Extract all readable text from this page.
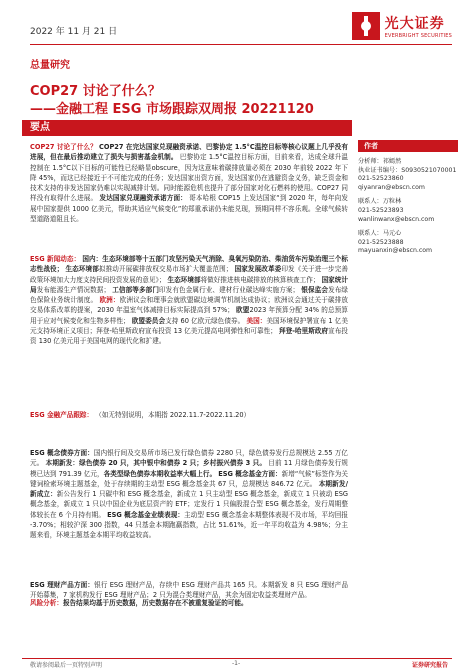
2022 年 11 月 21 日	光大证券
EVERBRIGHT SECURITIES
总量研究
COP27 讨论了什么？
——金融工程 ESG 市场跟踪双周报 20221120
要点
COP27 讨论了什么？ COP27 在完达国家兑现融资承诺、巴黎协定 1.5°C温控目标等核心议题上几乎没有进展，但在最后推动建立了损失与损害基金机制。 巴黎协定 1.5°C温控目标方面，目前来看，达成全球升温控制在 1.5°C以下目标的可能性已经略显obscure，因为这意味着碳排放量必须在 2030 年前较 2022 年下降 45%，而这已经接近于不可能完成的任务；发达国家出资方面，发达国家仍在逃避资金义务，缺乏资金和技术支持的非发达国家仍难以实现减排计划。同时能源危机也提升了部分国家对化石燃料的使用。COP27 同样没有取得什么进展。 发达国家兑现融资承诺方面： 哥本哈根 COP15 上发达国家“到 2020 年，每年向发展中国家提供 1000 亿美元，帮助其适应气候变化”的郑重承诺仍未能兑现，预期同样不容乐观。全球气候转型道路道阻且长。
ESG 新闻动态： 国内：生态环境部等十五部门攻坚污染天气消除、臭氧污染防治、柴油货车污染治理三个标志性战役； 生态环境部拟推动开展碳排放权交易市场扩大覆盖范围； 国家发展改革委印发《关于进一步完善政策环境加大力度支持民间投资发展的意见》； 生态环境部将做好推进核电碳排放的核算核查工作； 国家统计局发布能源生产情况数据； 工信部等多部门印发有色金属行业、建材行业碳达峰实施方案； 银保监会发布绿色保险业务统计制度。 欧洲：欧洲议会和理事会就欧盟碳边境调节机制达成协议；欧洲议会通过关于碳排放交易体系改革的提案，2030 年温室气体减排目标实际提高到 57%； 欧盟2023 年预算分配 34% 的总预算用于应对气候变化和生物多样性； 欧盟委员会支持 60 亿欧元绿色债券。 美国：美国环境保护署宣布 1 亿美元支持环境正义项目；拜登-哈里斯政府宣布投资 13 亿美元提高电网弹性和可靠性； 拜登-哈里斯政府宣布投资 130 亿美元用于美国电网的现代化和扩建。
ESG 金融产品跟踪： （如无特别说明，本期指 2022.11.7-2022.11.20）
ESG 概念债券方面：国内银行间及交易所市场已发行绿色债券 2280 只，绿色债券发行总规模达 2.55 万亿元。 本期新发：绿色债券 20 只，其中银中和债券 2 只；乡村振兴债券 3 只。 目前 11 月绿色债券发行规模已达到 791.39 亿元，各类型绿色债券本期收益率大幅上行。 ESG 概念基金方面：新增“气候”标签作为关键词检索环境主题基金，处于存续期的主动型 ESG 概念基金共 67 只，总规模达 846.72 亿元。 本期新发/新成立：新公告发行 1 只碳中和 ESG 概念基金，新成立 1 只主动型 ESG 概念基金，新成立 1 只被动 ESG 概念基金，新成立 1 只以中国企业为底层资产的 ETF；定发行 1 只偏股混合型 ESG 概念基金，发行周期整体较长在 6 个月持有期。 ESG 概念基金业绩表现：主动型 ESG 概念基金本期整体表现不及市场，平均回报 -3.70%；相较沪深 300 指数，44 只基金本期跑赢指数，占比 51.61%，近一年平均收益为 4.98%；分主题来看，环境主题基金本期平均收益较高。
ESG 理财产品方面：银行 ESG 理财产品，存续中 ESG 理财产品共 165 只。本期新发 8 只 ESG 理财产品开始募集，7 家机构发行 ESG 理财产品；2 只为混合类理财产品，其余为固定收益类理财产品。
风险分析：报告结果均基于历史数据，历史数据存在不被重复验证的可能。
作者
分析师：祁嫣然
执业证书编号：S0930521070001
021-52523860
qiyanran@ebscn.com
联系人：万粒林
021-52523893
wanlinwanx@ebscn.com
联系人：马元心
021-52523888
mayuanxin@ebscn.com
敬请参阅最后一页特别声明	-1-	证券研究报告
